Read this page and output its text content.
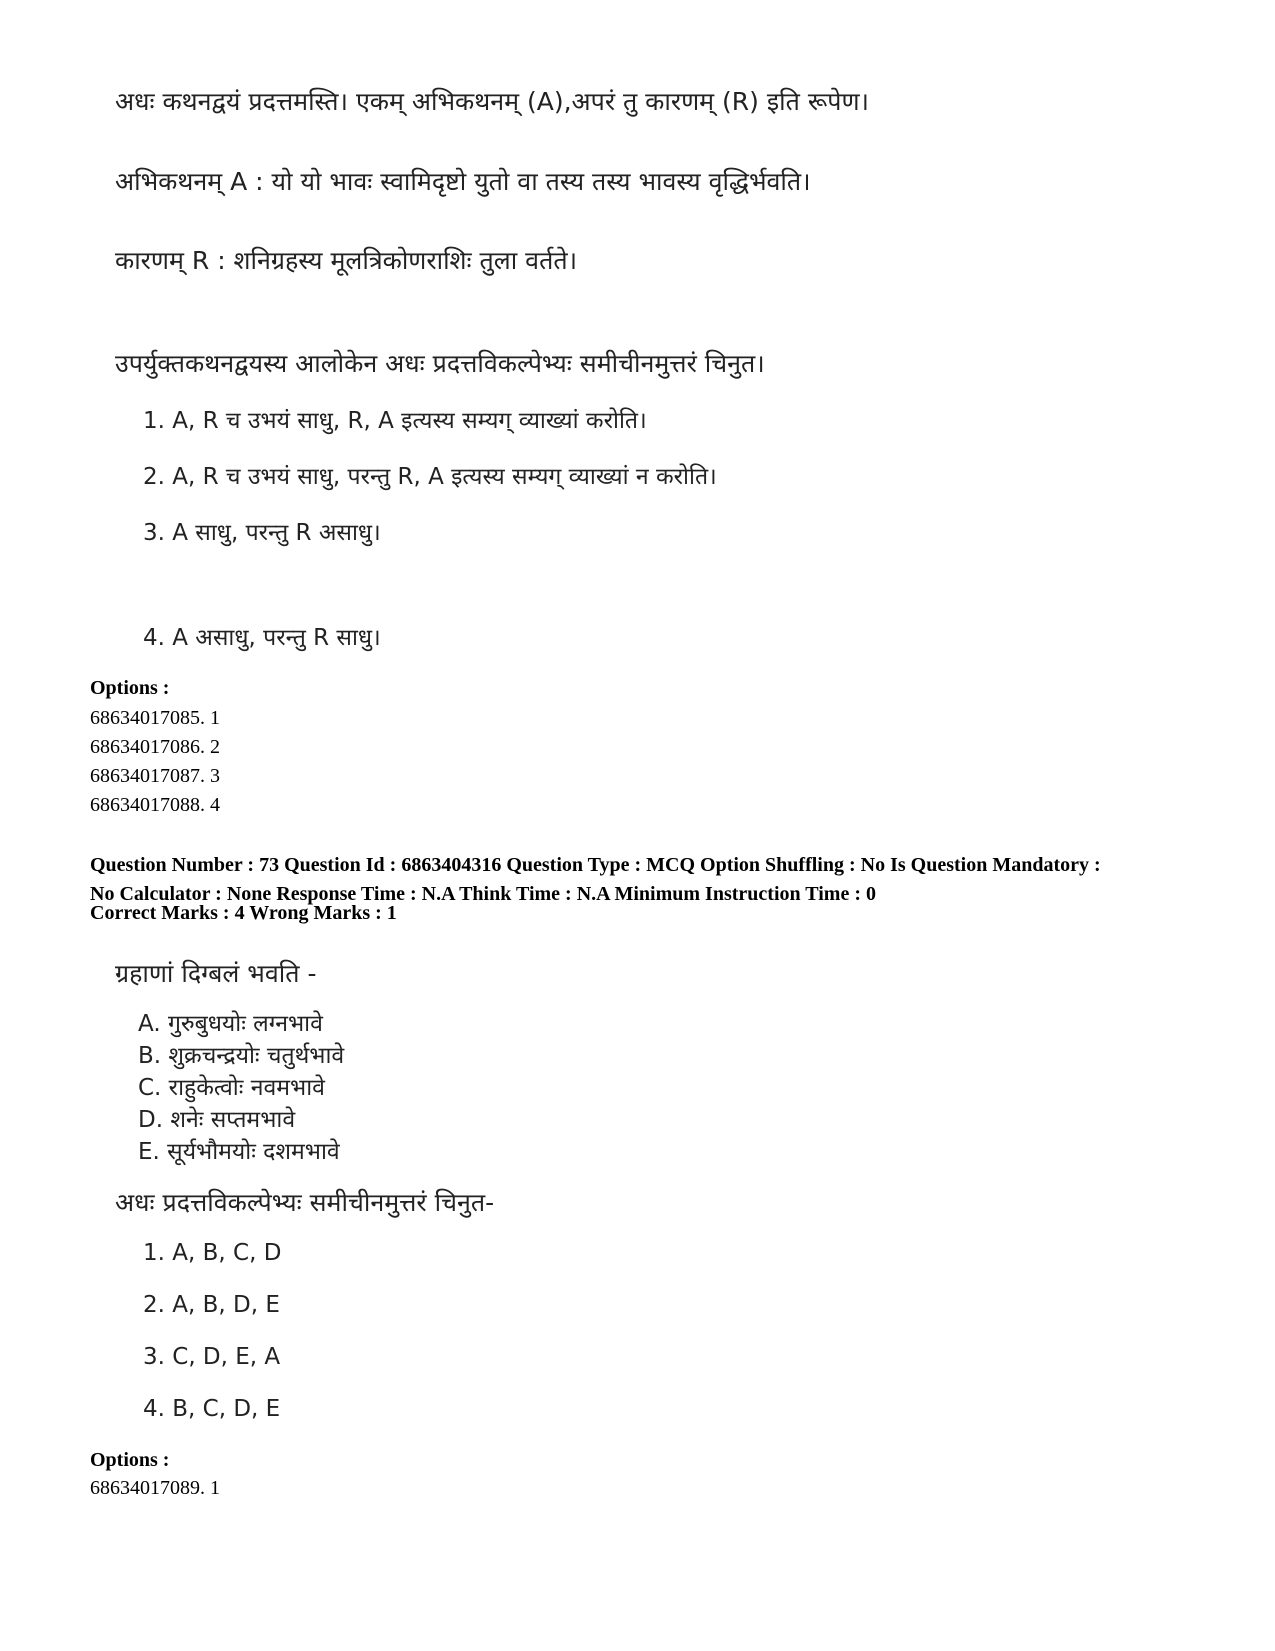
अधः कथनद्वयं प्रदत्तमस्ति। एकम् अभिकथनम् (A),अपरं तु कारणम् (R) इति रूपेण।
अभिकथनम् A : यो यो भावः स्वामिदृष्टो युतो वा तस्य तस्य भावस्य वृद्धिर्भवति।
कारणम् R : शनिग्रहस्य मूलत्रिकोणराशिः तुला वर्तते।
उपर्युक्तकथनद्वयस्य आलोकेन अधः प्रदत्तविकल्पेभ्यः समीचीनमुत्तरं चिनुत।
1. A, R च उभयं साधु, R, A इत्यस्य सम्यग् व्याख्यां करोति।
2. A, R च उभयं साधु, परन्तु R, A इत्यस्य सम्यग् व्याख्यां न करोति।
3. A साधु, परन्तु R असाधु।
4. A असाधु, परन्तु R साधु।
Options :
68634017085. 1
68634017086. 2
68634017087. 3
68634017088. 4
Question Number : 73 Question Id : 6863404316 Question Type : MCQ Option Shuffling : No Is Question Mandatory :
No Calculator : None Response Time : N.A Think Time : N.A Minimum Instruction Time : 0
Correct Marks : 4 Wrong Marks : 1
ग्रहाणां दिग्बलं भवति -
A. गुरुबुधयोः लग्नभावे
B. शुक्रचन्द्रयोः चतुर्थभावे
C. राहुकेत्वोः नवमभावे
D. शनेः सप्तमभावे
E. सूर्यभौमयोः दशमभावे
अधः प्रदत्तविकल्पेभ्यः समीचीनमुत्तरं चिनुत-
1. A, B, C, D
2. A, B, D, E
3. C, D, E, A
4. B, C, D, E
Options :
68634017089. 1
